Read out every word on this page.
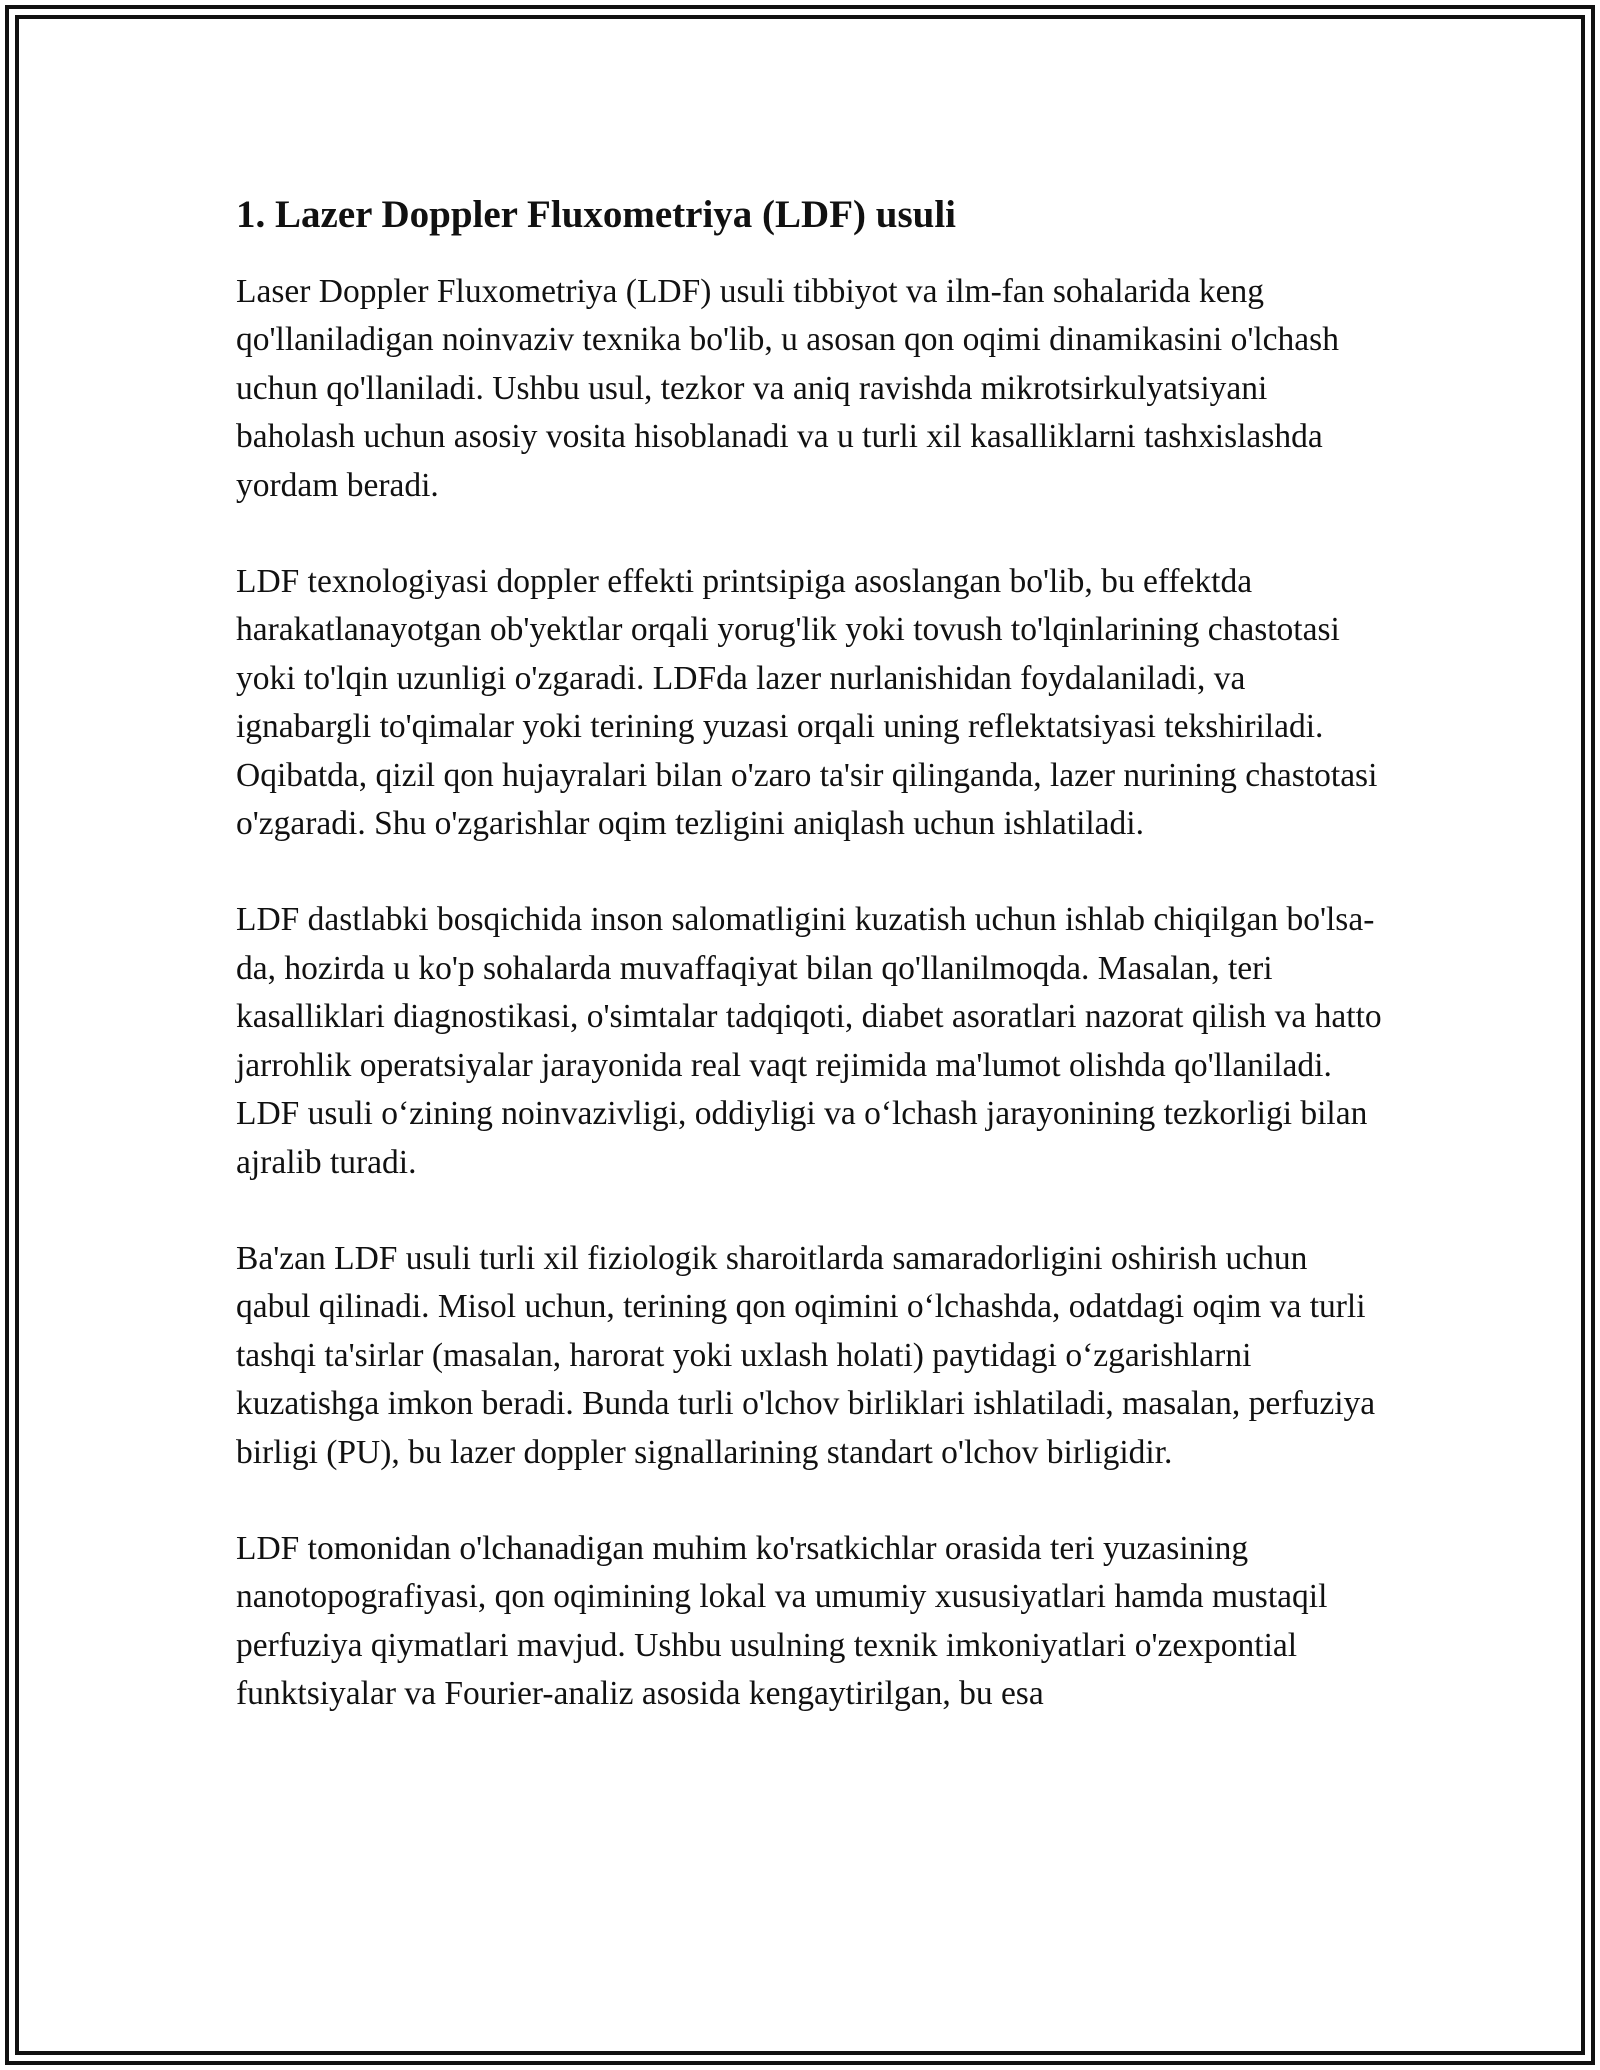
1. Lazer Doppler Fluxometriya (LDF) usuli

Laser Doppler Fluxometriya (LDF) usuli tibbiyot va ilm-fan sohalarida keng qo'llaniladigan noinvaziv texnika bo'lib, u asosan qon oqimi dinamikasini o'lchash uchun qo'llaniladi. Ushbu usul, tezkor va aniq ravishda mikrotsirkulyatsiyani baholash uchun asosiy vosita hisoblanadi va u turli xil kasalliklarni tashxislashda yordam beradi.

LDF texnologiyasi doppler effekti printsipiga asoslangan bo'lib, bu effektda harakatlanayotgan ob'yektlar orqali yorug'lik yoki tovush to'lqinlarining chastotasi yoki to'lqin uzunligi o'zgaradi. LDFda lazer nurlanishidan foydalaniladi, va ignabargli to'qimalar yoki terining yuzasi orqali uning reflektatsiyasi tekshiriladi. Oqibatda, qizil qon hujayralari bilan o'zaro ta'sir qilinganda, lazer nurining chastotasi o'zgaradi. Shu o'zgarishlar oqim tezligini aniqlash uchun ishlatiladi.

LDF dastlabki bosqichida inson salomatligini kuzatish uchun ishlab chiqilgan bo'lsa-da, hozirda u ko'p sohalarda muvaffaqiyat bilan qo'llanilmoqda. Masalan, teri kasalliklari diagnostikasi, o'simtalar tadqiqoti, diabet asoratlari nazorat qilish va hatto jarrohlik operatsiyalar jarayonida real vaqt rejimida ma'lumot olishda qo'llaniladi. LDF usuli o‘zining noinvazivligi, oddiyligi va o‘lchash jarayonining tezkorligi bilan ajralib turadi.

Ba'zan LDF usuli turli xil fiziologik sharoitlarda samaradorligini oshirish uchun qabul qilinadi. Misol uchun, terining qon oqimini o‘lchashda, odatdagi oqim va turli tashqi ta'sirlar (masalan, harorat yoki uxlash holati) paytidagi o‘zgarishlarni kuzatishga imkon beradi. Bunda turli o'lchov birliklari ishlatiladi, masalan, perfuziya birligi (PU), bu lazer doppler signallarining standart o'lchov birligidir.

LDF tomonidan o'lchanadigan muhim ko'rsatkichlar orasida teri yuzasining nanotopografiyasi, qon oqimining lokal va umumiy xususiyatlari hamda mustaqil perfuziya qiymatlari mavjud. Ushbu usulning texnik imkoniyatlari o'zexpontial funktsiyalar va Fourier-analiz asosida kengaytirilgan, bu esa
